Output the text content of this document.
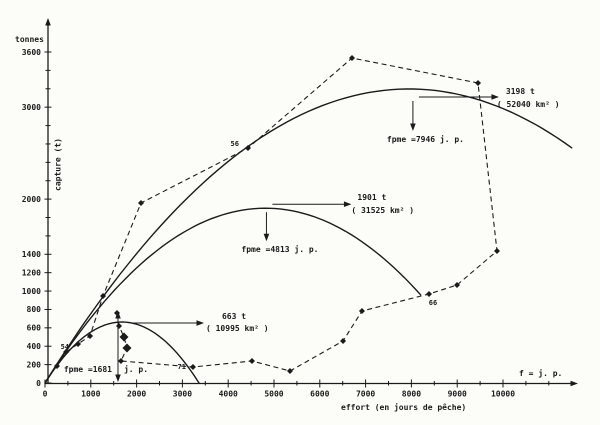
0	1000	2000	3000	4000	5000	6000	7000	8000	9000	10000
0
200
400
600
800
1000
1200
1400
2000
3000
3600
663 t
( 10995 km² )
fpme =1681 j. p.
1901 t
( 31525 km² )
fpme =4813 j. p.
3198 t
( 52040 km² )
fpme =7946 j. p.
54
56
66
71
tonnes
capture (t)
effort (en jours de pêche)
f = j. p.
